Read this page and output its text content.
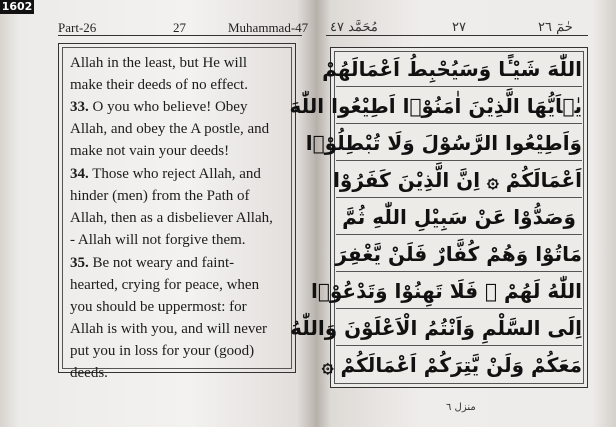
1602
Part-26	27	Muhammad-47
Allah in the least, but He will
make their deeds of no effect.
33. O you who believe! Obey
Allah, and obey the A postle, and
make not vain your deeds!
34. Those who reject Allah, and
hinder (men) from the Path of
Allah, then as a disbeliever Allah,
- Allah will not forgive them.
35. Be not weary and faint-
hearted, crying for peace, when
you should be uppermost: for
Allah is with you, and will never
put you in loss for your (good)
deeds.
مُحَمَّد ٤٧	٢٧	حٰمٓ ٢٦
اللّٰهَ شَيْـًٔا وَسَيُحْبِطُ اَعْمَالَهُمْ
يٰۤاَيُّهَا الَّذِيْنَ اٰمَنُوْۤا اَطِيْعُوا اللّٰهَ
وَاَطِيْعُوا الرَّسُوْلَ وَلَا تُبْطِلُوْۤا
اَعْمَالَكُمْ ۞ اِنَّ الَّذِيْنَ كَفَرُوْا
وَصَدُّوْا عَنْ سَبِيْلِ اللّٰهِ ثُمَّ
مَاتُوْا وَهُمْ كُفَّارٌ فَلَنْ يَّغْفِرَ
اللّٰهُ لَهُمْ ۞ فَلَا تَهِنُوْا وَتَدْعُوْۤا
اِلَى السَّلْمِ وَاَنْتُمُ الْاَعْلَوْنَ وَاللّٰهُ
مَعَكُمْ وَلَنْ يَّتِرَكُمْ اَعْمَالَكُمْ ۞
منزل ٦
